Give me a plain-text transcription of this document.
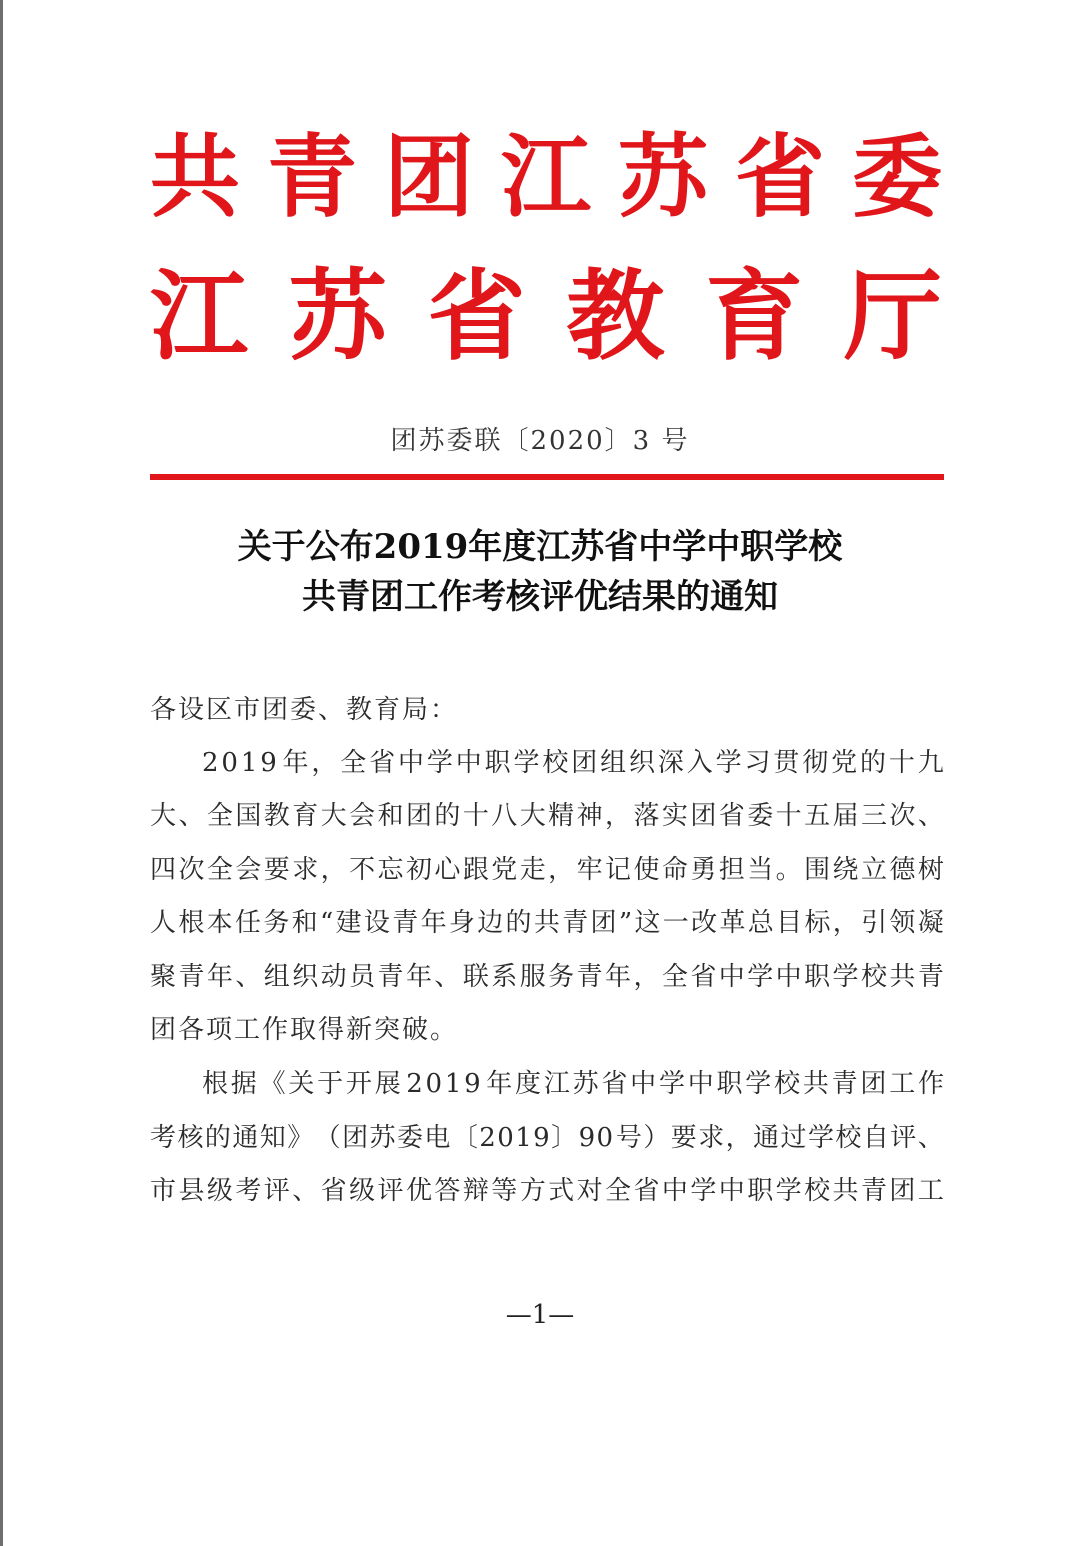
共 青 团 江 苏 省 委
江 苏 省 教 育 厅
团苏委联〔2020〕3 号
关于公布2019年度江苏省中学中职学校
共青团工作考核评优结果的通知
各设区市团委、教育局：
2 0 1 9 年 ， 全 省 中 学 中 职 学 校 团 组 织 深 入 学 习 贯 彻 党 的 十 九
大 、 全 国 教 育 大 会 和 团 的 十 八 大 精 神 ， 落 实 团 省 委 十 五 届 三 次 、
四 次 全 会 要 求 ， 不 忘 初 心 跟 党 走 ， 牢 记 使 命 勇 担 当 。 围 绕 立 德 树
人 根 本 任 务 和 “ 建 设 青 年 身 边 的 共 青 团 ” 这 一 改 革 总 目 标 ， 引 领 凝
聚 青 年 、 组 织 动 员 青 年 、 联 系 服 务 青 年 ， 全 省 中 学 中 职 学 校 共 青
团各项工作取得新突破。
根 据 《 关 于 开 展 2 0 1 9 年 度 江 苏 省 中 学 中 职 学 校 共 青 团 工 作
考 核 的 通 知 》 （ 团 苏 委 电 〔 2 0 1 9 〕 9 0 号 ） 要 求 ， 通 过 学 校 自 评 、
市 县 级 考 评 、 省 级 评 优 答 辩 等 方 式 对 全 省 中 学 中 职 学 校 共 青 团 工
—1—
